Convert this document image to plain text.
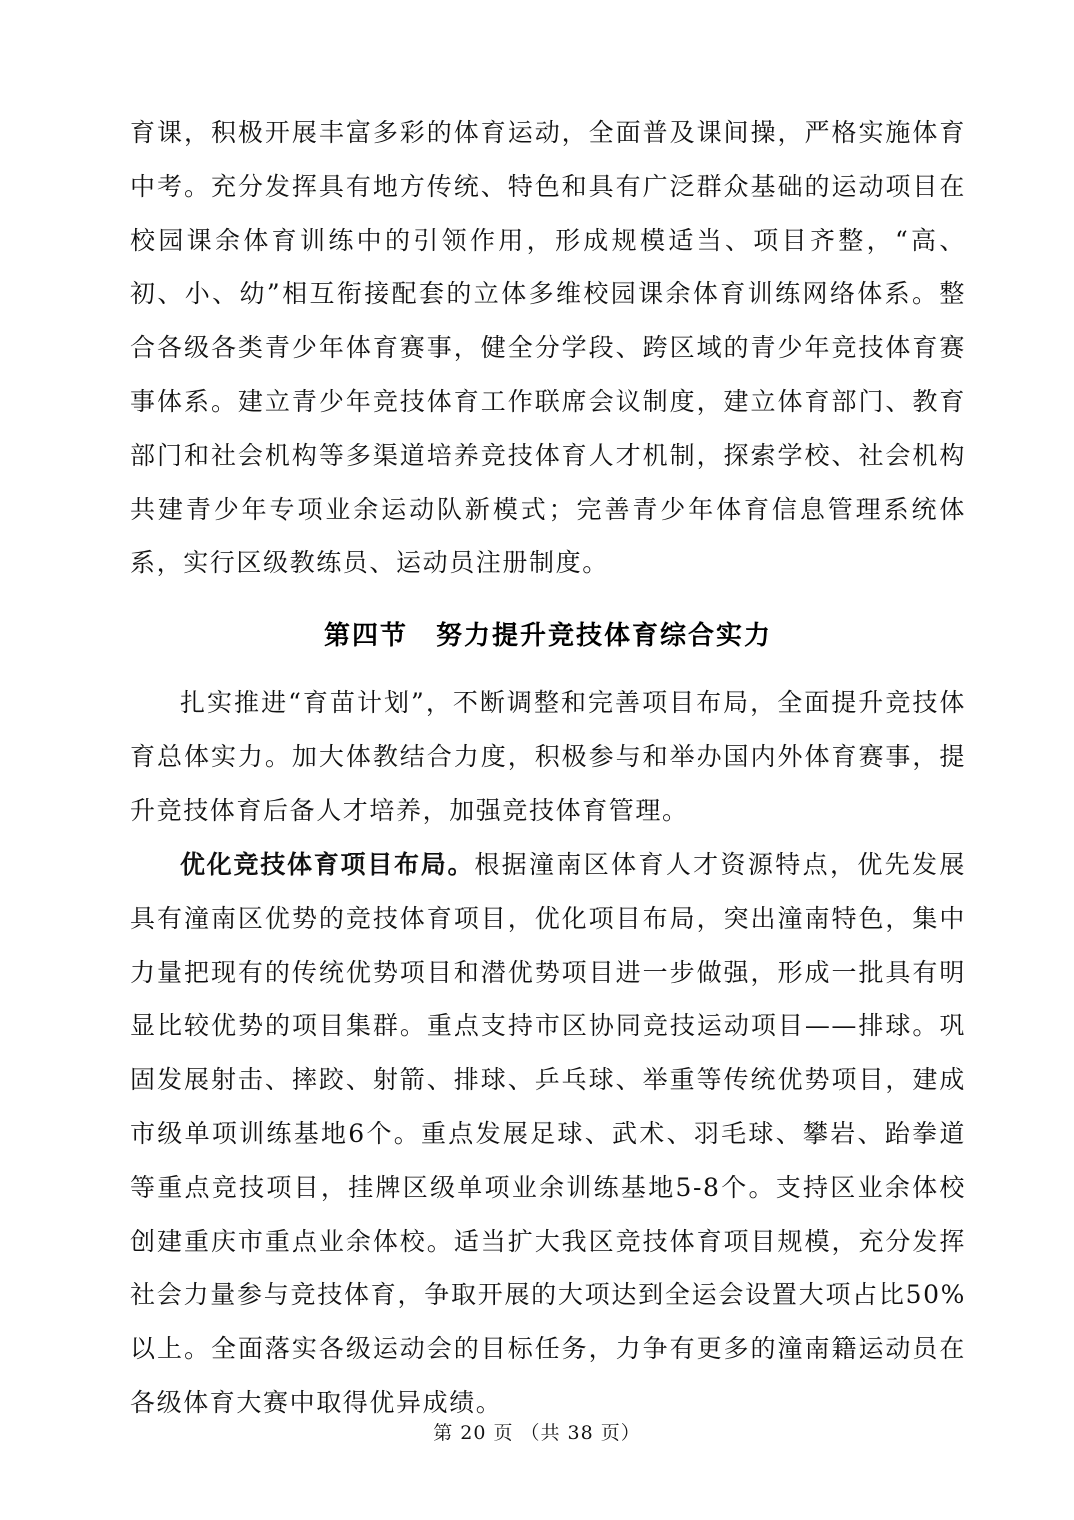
育课，积极开展丰富多彩的体育运动，全面普及课间操，严格实施体育中考。充分发挥具有地方传统、特色和具有广泛群众基础的运动项目在校园课余体育训练中的引领作用，形成规模适当、项目齐整，“高、初、小、幼”相互衔接配套的立体多维校园课余体育训练网络体系。整合各级各类青少年体育赛事，健全分学段、跨区域的青少年竞技体育赛事体系。建立青少年竞技体育工作联席会议制度，建立体育部门、教育部门和社会机构等多渠道培养竞技体育人才机制，探索学校、社会机构共建青少年专项业余运动队新模式；完善青少年体育信息管理系统体系，实行区级教练员、运动员注册制度。

第四节 努力提升竞技体育综合实力

扎实推进“育苗计划”，不断调整和完善项目布局，全面提升竞技体育总体实力。加大体教结合力度，积极参与和举办国内外体育赛事，提升竞技体育后备人才培养，加强竞技体育管理。

优化竞技体育项目布局。根据潼南区体育人才资源特点，优先发展具有潼南区优势的竞技体育项目，优化项目布局，突出潼南特色，集中力量把现有的传统优势项目和潜优势项目进一步做强，形成一批具有明显比较优势的项目集群。重点支持市区协同竞技运动项目——排球。巩固发展射击、摔跤、射箭、排球、乒乓球、举重等传统优势项目，建成市级单项训练基地6个。重点发展足球、武术、羽毛球、攀岩、跆拳道等重点竞技项目，挂牌区级单项业余训练基地5-8个。支持区业余体校创建重庆市重点业余体校。适当扩大我区竞技体育项目规模，充分发挥社会力量参与竞技体育，争取开展的大项达到全运会设置大项占比50%以上。全面落实各级运动会的目标任务，力争有更多的潼南籍运动员在各级体育大赛中取得优异成绩。

第 20 页 （共 38 页）
